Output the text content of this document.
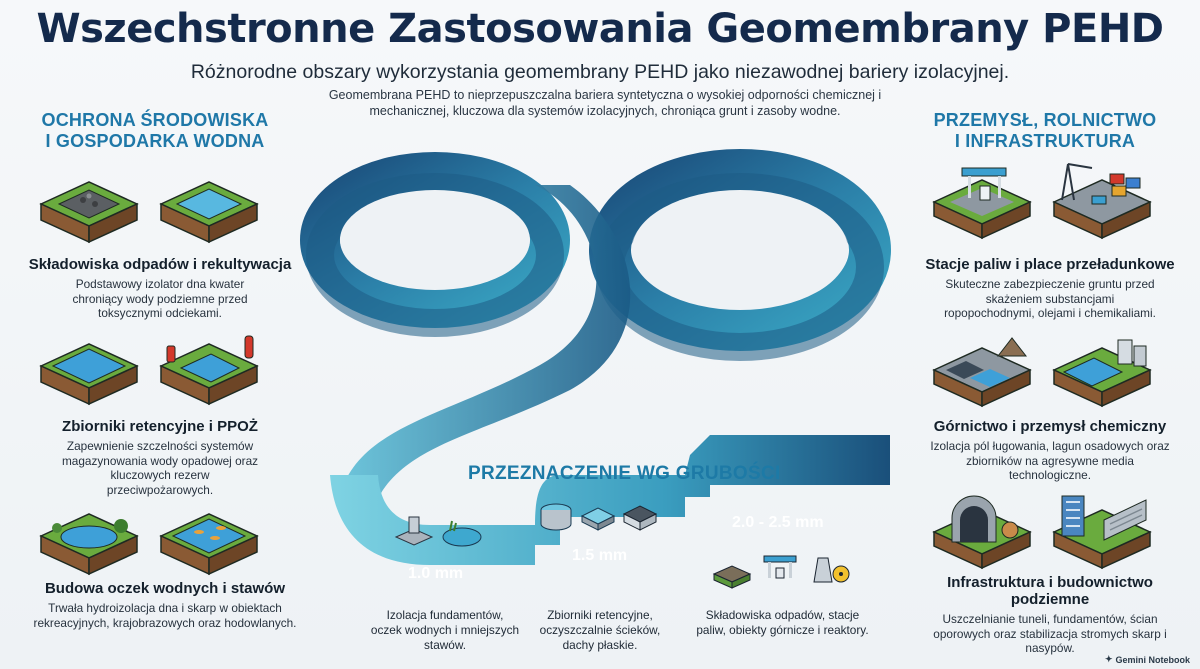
Wszechstronne Zastosowania Geomembrany PEHD
Różnorodne obszary wykorzystania geomembrany PEHD jako niezawodnej bariery izolacyjnej.
Geomembrana PEHD to nieprzepuszczalna bariera syntetyczna o wysokiej odporności chemicznej i mechanicznej, kluczowa dla systemów izolacyjnych, chroniąca grunt i zasoby wodne.
PRZEZNACZENIE WG GRUBOŚCI
1.0 mm
1.5 mm
2.0 - 2.5 mm
Izolacja fundamentów, oczek wodnych i mniejszych stawów.
Zbiorniki retencyjne, oczyszczalnie ścieków, dachy płaskie.
Składowiska odpadów, stacje paliw, obiekty górnicze i reaktory.
OCHRONA ŚRODOWISKA
I GOSPODARKA WODNA
Składowiska odpadów i rekultywacja

Podstawowy izolator dna kwater chroniący wody podziemne przed toksycznymi odciekami.

Zbiorniki retencyjne i PPOŻ

Zapewnienie szczelności systemów magazynowania wody opadowej oraz kluczowych rezerw przeciwpożarowych.

Budowa oczek wodnych i stawów

Trwała hydroizolacja dna i skarp w obiektach rekreacyjnych, krajobrazowych oraz hodowlanych.

PRZEMYSŁ, ROLNICTWO
I INFRASTRUKTURA
Stacje paliw i place przeładunkowe

Skuteczne zabezpieczenie gruntu przed skażeniem substancjami ropopochodnymi, olejami i chemikaliami.

Górnictwo i przemysł chemiczny

Izolacja pól ługowania, lagun osadowych oraz zbiorników na agresywne media technologiczne.

Infrastruktura i budownictwo
podziemne

Uszczelnianie tuneli, fundamentów, ścian oporowych oraz stabilizacja stromych skarp i nasypów.

✦ Gemini Notebook
